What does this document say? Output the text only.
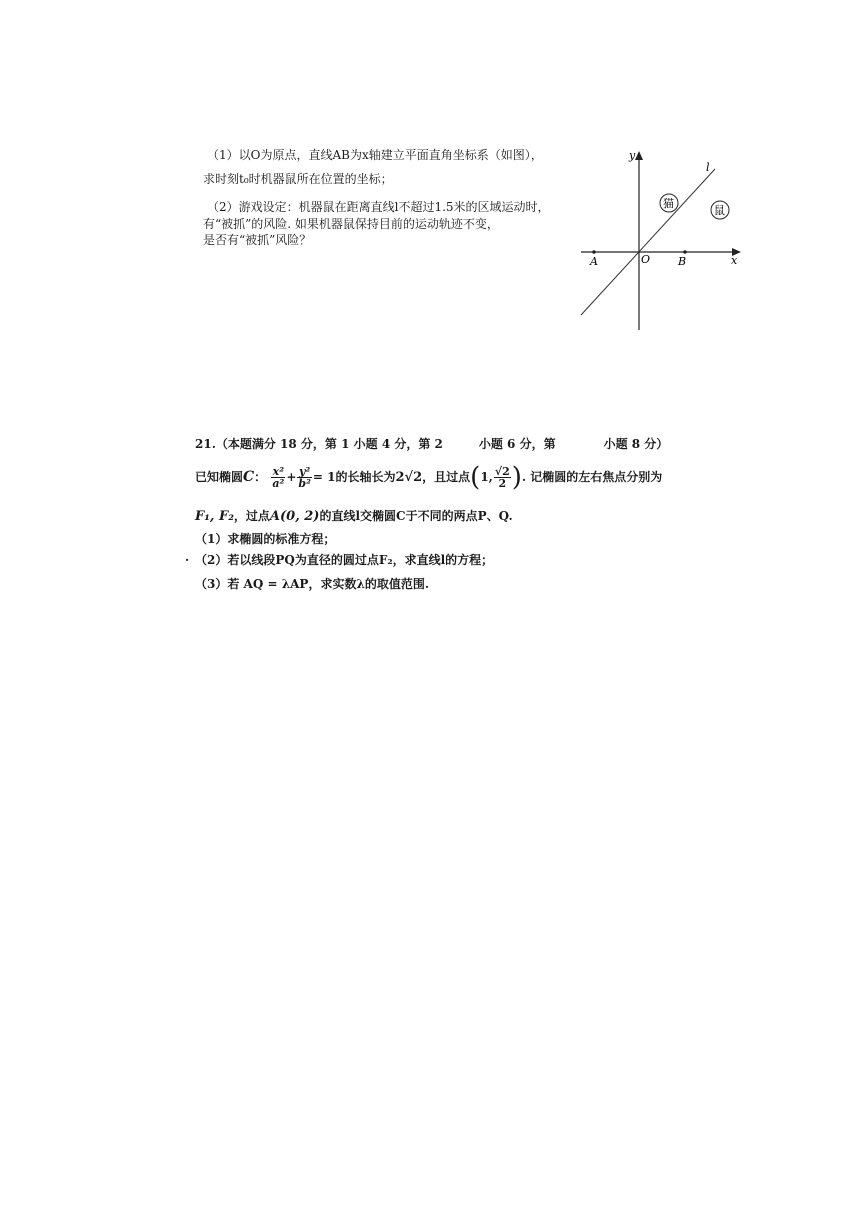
（1）以O为原点，直线AB为x轴建立平面直角坐标系（如图），
求时刻t₀时机器鼠所在位置的坐标；
（2）游戏设定：机器鼠在距离直线l不超过1.5米的区域运动时，
有“被抓”的风险. 如果机器鼠保持目前的运动轨迹不变，
是否有“被抓”风险？
y
x
l
O
A	B
猫
鼠
21.（本题满分 18 分，第 1 小题 4 分，第 2　　　小题 6 分，第　　　　小题 8 分）
已知椭圆C： $\frac{\text{x²}}{\text{a²}} + \frac{\text{y²}}{\text{b²}} = 1$的长轴长为2√2，且过点(1, $\frac{√2}{2}$ ). 记椭圆的左右焦点分别为
F₁, F₂，过点A(0, 2)的直线l交椭圆C于不同的两点P、Q.
（1）求椭圆的标准方程；
· （2）若以线段PQ为直径的圆过点F₂，求直线l的方程；
（3）若 AQ = λAP，求实数λ的取值范围.
